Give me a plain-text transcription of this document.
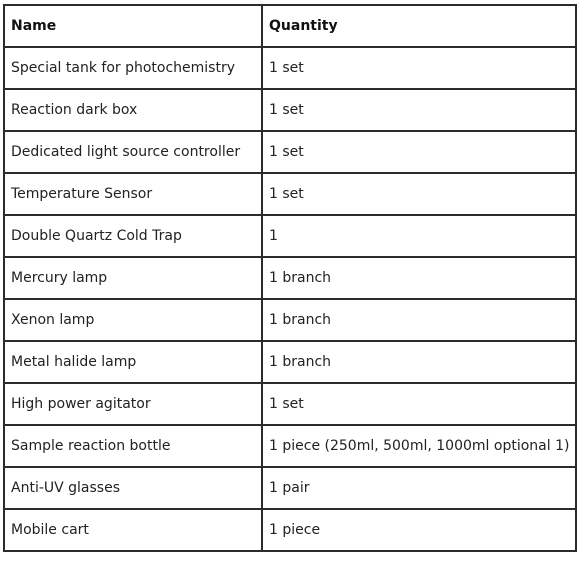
Name	Quantity
Special tank for photochemistry	1 set
Reaction dark box	1 set
Dedicated light source controller	1 set
Temperature Sensor	1 set
Double Quartz Cold Trap	1
Mercury lamp	1 branch
Xenon lamp	1 branch
Metal halide lamp	1 branch
High power agitator	1 set
Sample reaction bottle	1 piece (250ml, 500ml, 1000ml optional 1)
Anti-UV glasses	1 pair
Mobile cart	1 piece
